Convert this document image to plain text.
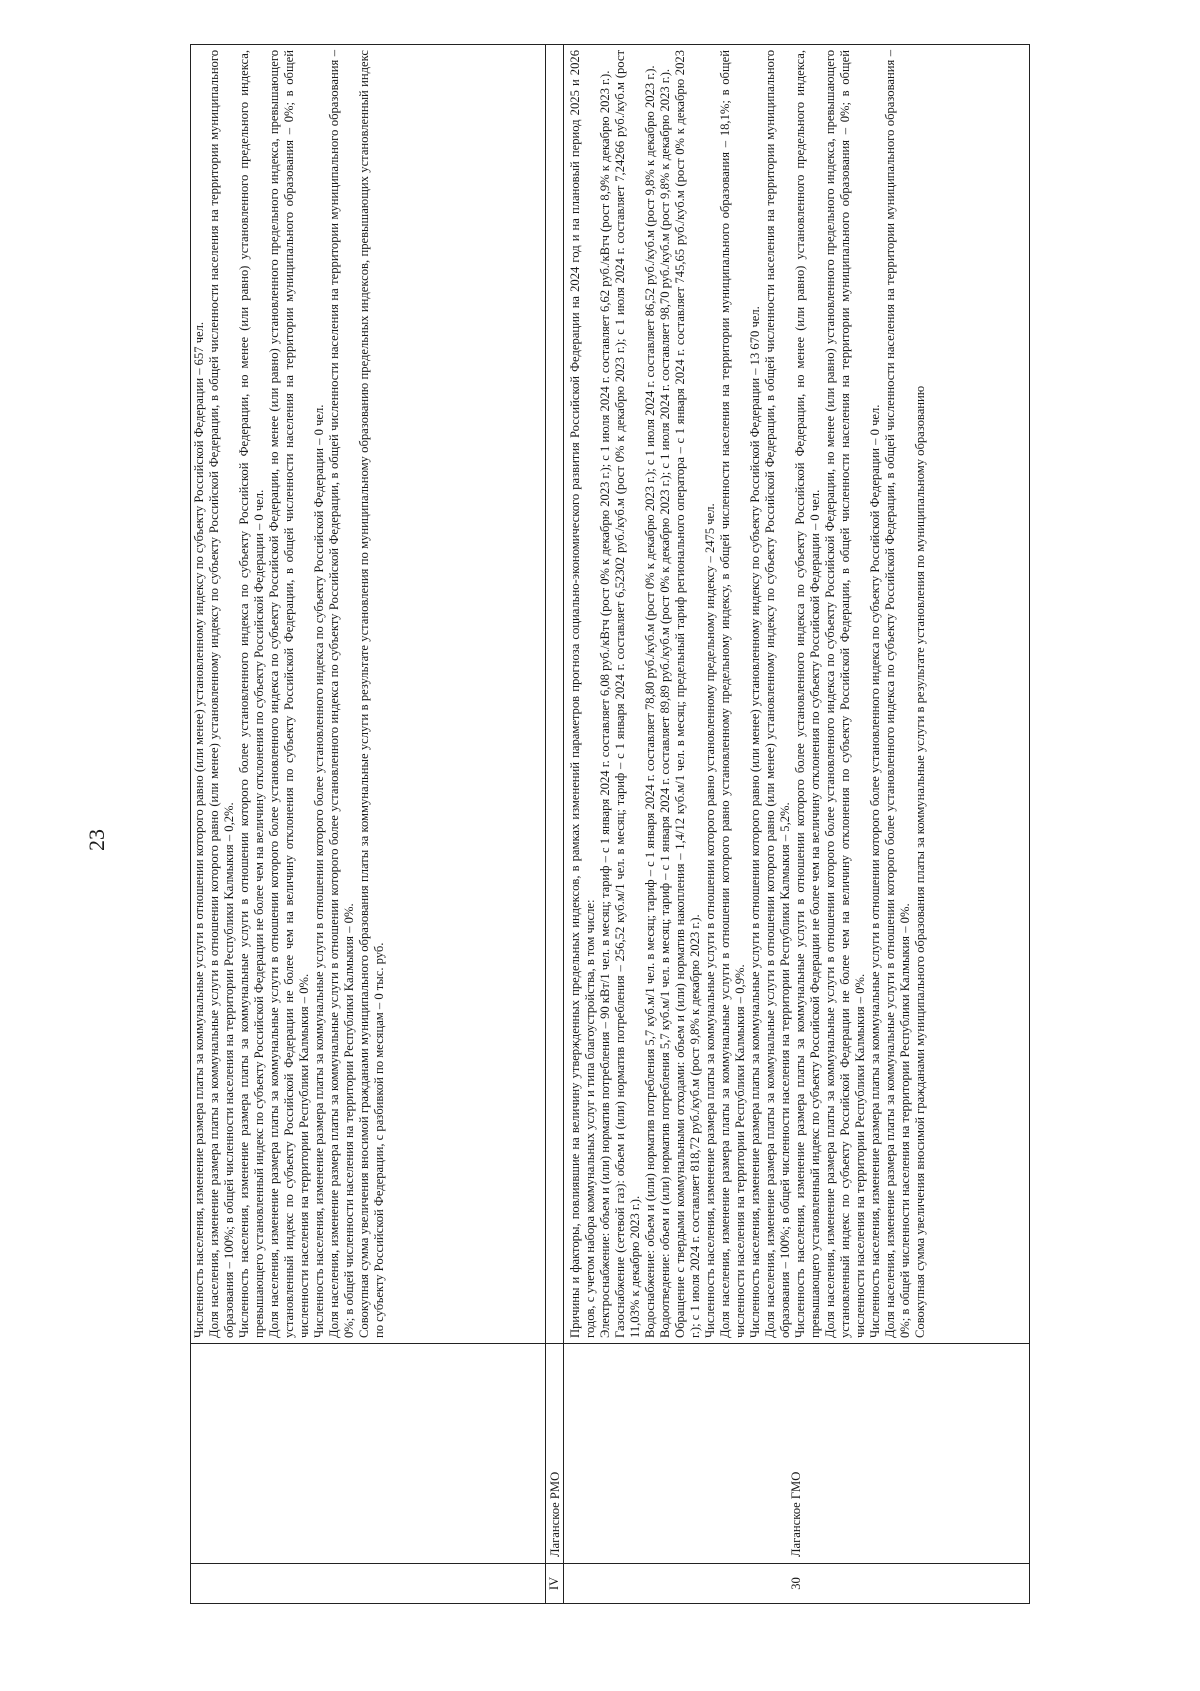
23	Численность населения, изменение размера платы за коммунальные услуги в отношении которого равно (или менее) установленному индексу по субъекту Российской Федерации – 657 чел. Доля населения, изменение размера платы за коммунальные услуги в отношении которого равно (или менее) установленному индексу по субъекту Российской Федерации, в общей численности населения на территории муниципального образования – 100%; в общей численности населения на территории Республики Калмыкия – 0,2%. Численность населения, изменение размера платы за коммунальные услуги в отношении которого более установленного индекса по субъекту Российской Федерации, но менее (или равно) установленного предельного индекса, превышающего установленный индекс по субъекту Российской Федерации не более чем на величину отклонения по субъекту Российской Федерации – 0 чел. Доля населения, изменение размера платы за коммунальные услуги в отношении которого более установленного индекса по субъекту Российской Федерации, но менее (или равно) установленного предельного индекса, превышающего установленный индекс по субъекту Российской Федерации не более чем на величину отклонения по субъекту Российской Федерации, в общей численности населения на территории муниципального образования – 0%; в общей численности населения на территории Республики Калмыкия – 0%. Численность населения, изменение размера платы за коммунальные услуги в отношении которого более установленного индекса по субъекту Российской Федерации – 0 чел. Доля населения, изменение размера платы за коммунальные услуги в отношении которого более установленного индекса по субъекту Российской Федерации, в общей численности населения на территории муниципального образования – 0%; в общей численности населения на территории Республики Калмыкия – 0%. Совокупная сумма увеличения вносимой гражданами муниципального образования платы за коммунальные услуги в результате установления по муниципальному образованию предельных индексов, превышающих установленный индекс по субъекту Российской Федерации, с разбивкой по месяцам – 0 тыс. руб.

IV
Лаганское РМО
30
Лаганское ГМО

Причины и факторы, повлиявшие на величину утвержденных предельных индексов, в рамках изменений параметров прогноза социально-экономического развития Российской Федерации на 2024 год и на плановый период 2025 и 2026 годов, с учетом набора коммунальных услуг и типа благоустройства, в том числе: Электроснабжение: объем и (или) норматив потребления – 90 кВт/1 чел. в месяц; тариф – с 1 января 2024 г. составляет 6,08 руб./кВтч (рост 0% к декабрю 2023 г.); с 1 июля 2024 г. составляет 6,62 руб./кВтч (рост 8,9% к декабрю 2023 г.). Газоснабжение (сетевой газ): объем и (или) норматив потребления – 256,52 куб.м/1 чел. в месяц; тариф – с 1 января 2024 г. составляет 6,52302 руб./куб.м (рост 0% к декабрю 2023 г.); с 1 июля 2024 г. составляет 7,24266 руб./куб.м (рост 11,03% к декабрю 2023 г.). Водоснабжение: объем и (или) норматив потребления 5,7 куб.м/1 чел. в месяц; тариф – с 1 января 2024 г. составляет 78,80 руб./куб.м (рост 0% к декабрю 2023 г.); с 1 июля 2024 г. составляет 86,52 руб./куб.м (рост 9,8% к декабрю 2023 г.). Водоотведение: объем и (или) норматив потребления 5,7 куб.м/1 чел. в месяц; тариф – с 1 января 2024 г. составляет 89,89 руб./куб.м (рост 0% к декабрю 2023 г.); с 1 июля 2024 г. составляет 98,70 руб./куб.м (рост 9,8% к декабрю 2023 г.). Обращение с твердыми коммунальными отходами: объем и (или) норматив накопления – 1,4/12 куб.м/1 чел. в месяц; предельный тариф регионального оператора – с 1 января 2024 г. составляет 745,65 руб./куб.м (рост 0% к декабрю 2023 г.); с 1 июля 2024 г. составляет 818,72 руб./куб.м (рост 9,8% к декабрю 2023 г.). Численность населения, изменение размера платы за коммунальные услуги в отношении которого равно установленному предельному индексу – 2475 чел. Доля населения, изменение размера платы за коммунальные услуги в отношении которого равно установленному предельному индексу, в общей численности населения на территории муниципального образования – 18,1%; в общей численности населения на территории Республики Калмыкия – 0,9%. Численность населения, изменение размера платы за коммунальные услуги в отношении которого равно (или менее) установленному индексу по субъекту Российской Федерации – 13 670 чел. Доля населения, изменение размера платы за коммунальные услуги в отношении которого равно (или менее) установленному индексу по субъекту Российской Федерации, в общей численности населения на территории муниципального образования – 100%; в общей численности населения на территории Республики Калмыкия – 5,2%. Численность населения, изменение размера платы за коммунальные услуги в отношении которого более установленного индекса по субъекту Российской Федерации, но менее (или равно) установленного предельного индекса, превышающего установленный индекс по субъекту Российской Федерации не более чем на величину отклонения по субъекту Российской Федерации – 0 чел. Доля населения, изменение размера платы за коммунальные услуги в отношении которого более установленного индекса по субъекту Российской Федерации, но менее (или равно) установленного предельного индекса, превышающего установленный индекс по субъекту Российской Федерации не более чем на величину отклонения по субъекту Российской Федерации, в общей численности населения на территории муниципального образования – 0%; в общей численности населения на территории Республики Калмыкия – 0%. Численность населения, изменение размера платы за коммунальные услуги в отношении которого более установленного индекса по субъекту Российской Федерации – 0 чел. Доля населения, изменение размера платы за коммунальные услуги в отношении которого более установленного индекса по субъекту Российской Федерации, в общей численности населения на территории муниципального образования – 0%; в общей численности населения на территории Республики Калмыкия – 0%. Совокупная сумма увеличения вносимой гражданами муниципального образования платы за коммунальные услуги в результате установления по муниципальному образованию
